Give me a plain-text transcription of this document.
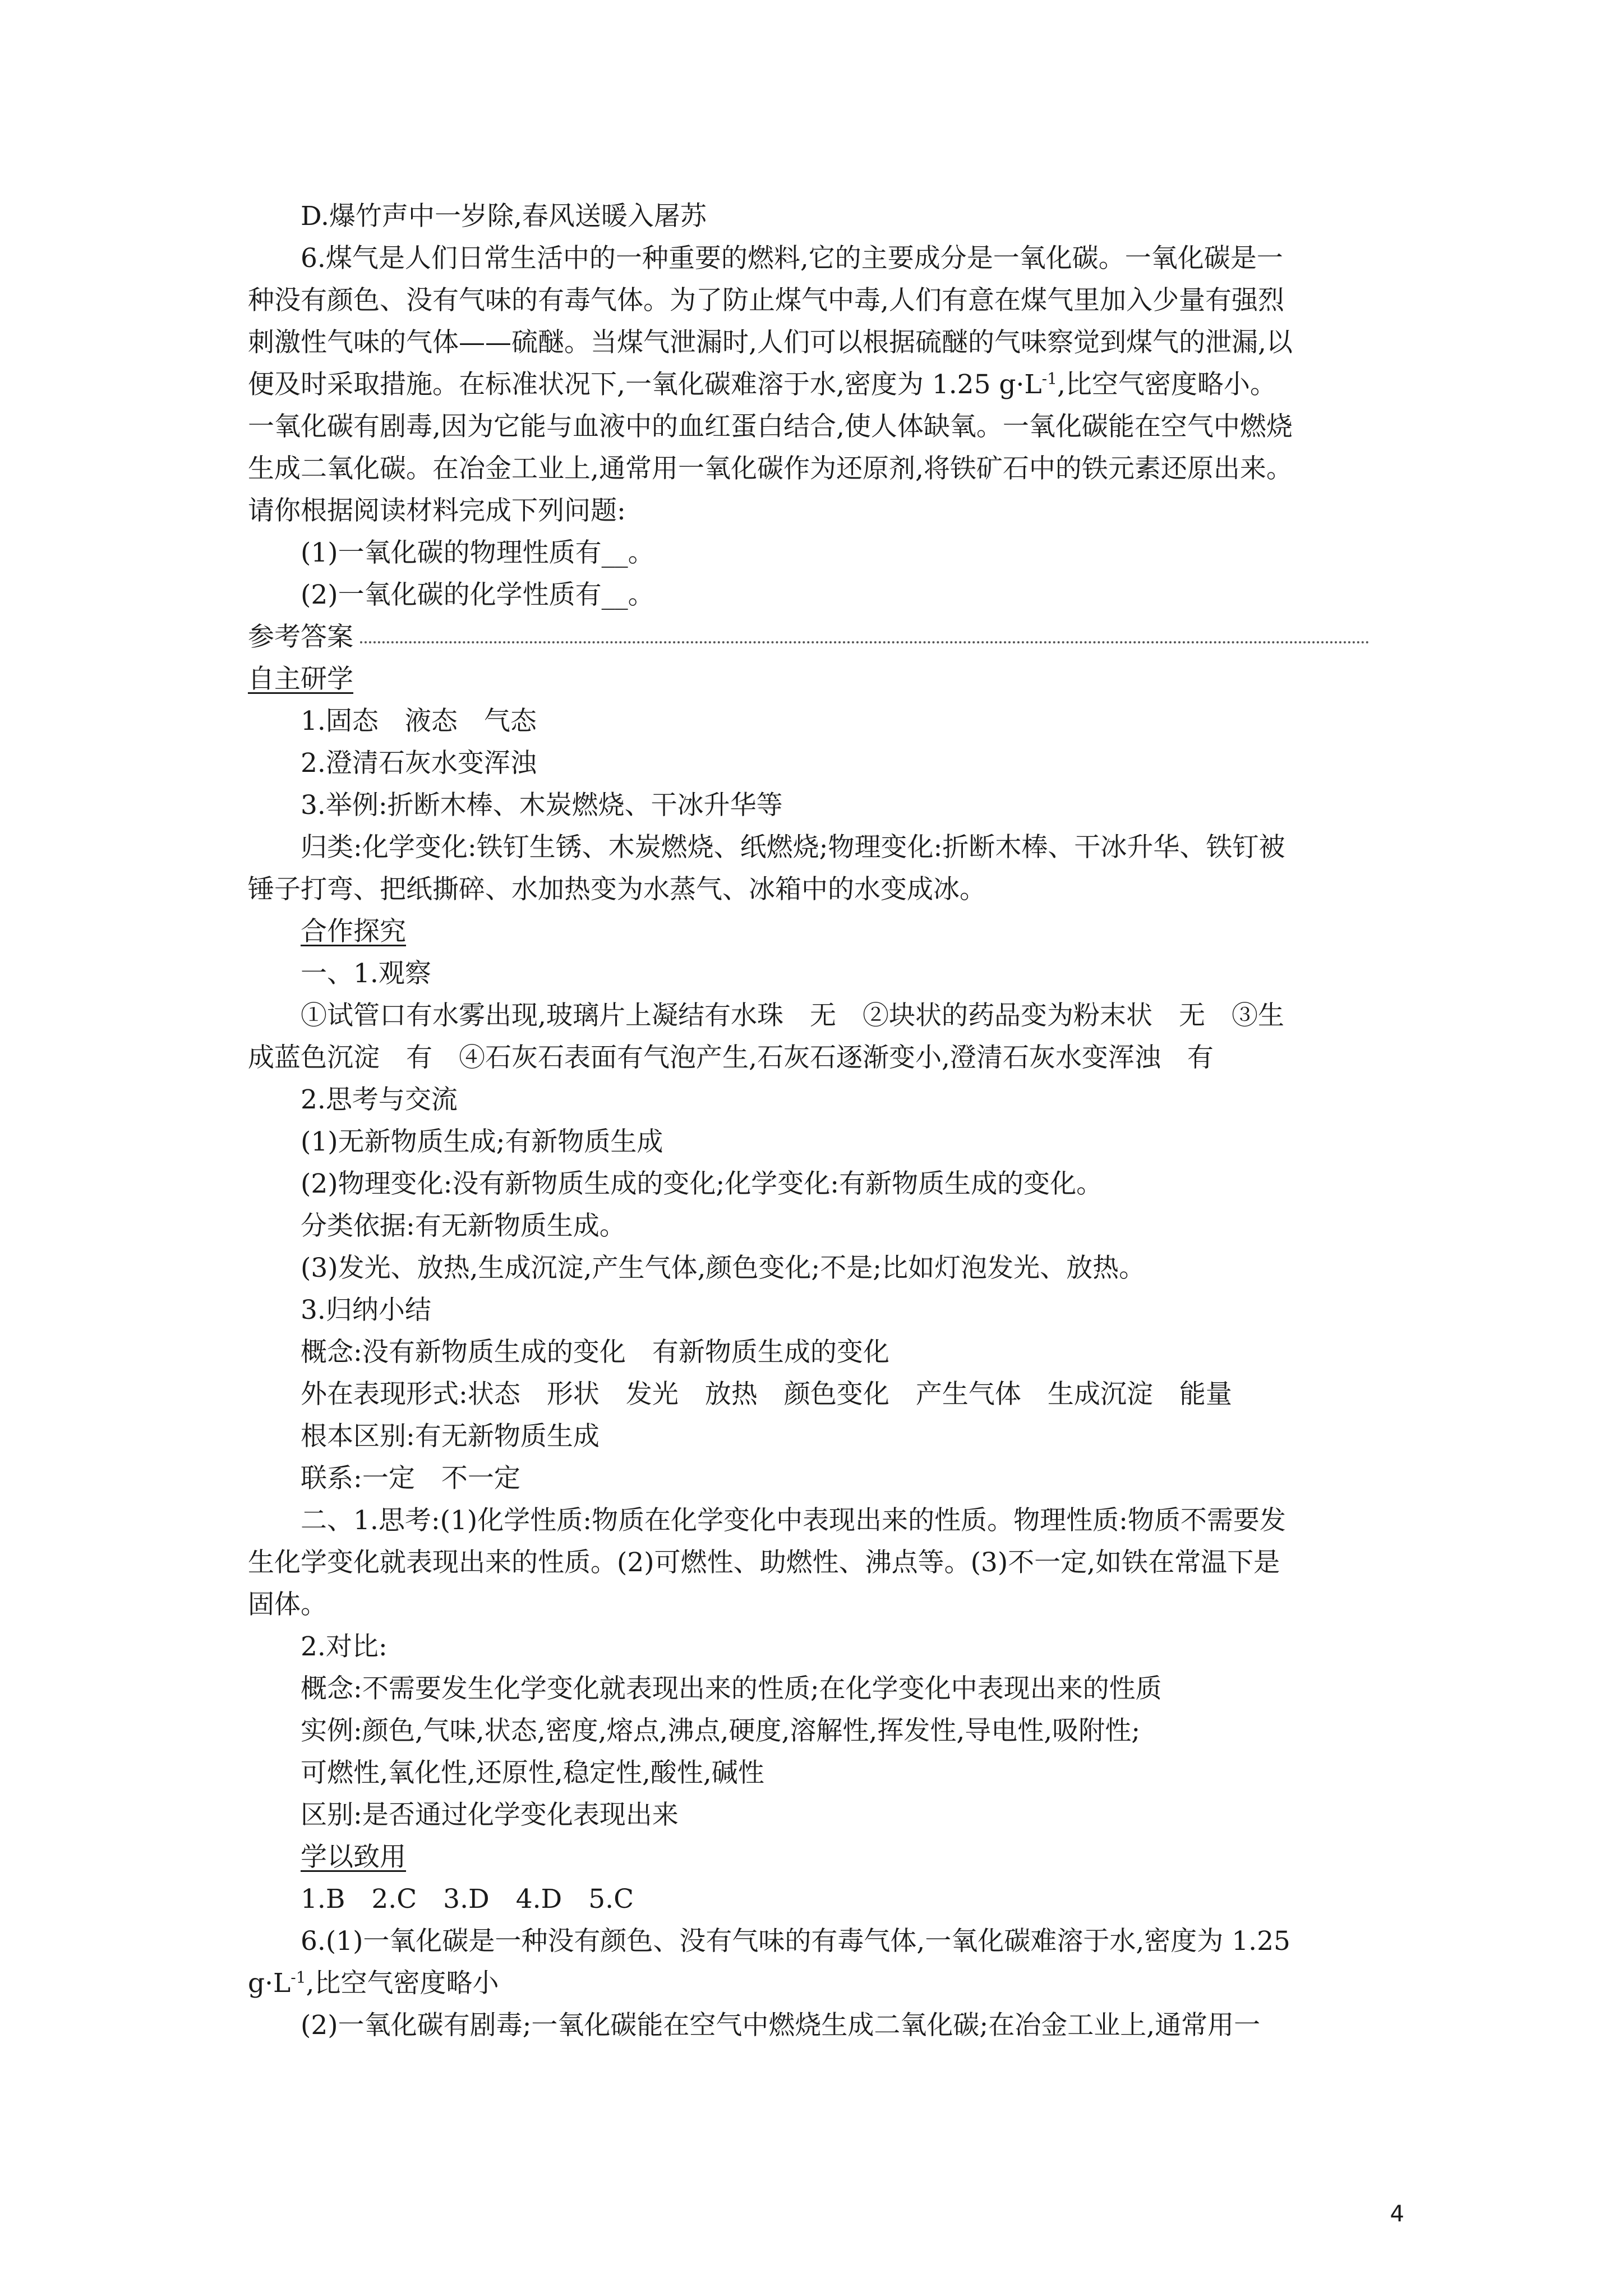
D.爆竹声中一岁除,春风送暖入屠苏
6.煤气是人们日常生活中的一种重要的燃料,它的主要成分是一氧化碳。一氧化碳是一
种没有颜色、没有气味的有毒气体。为了防止煤气中毒,人们有意在煤气里加入少量有强烈
刺激性气味的气体——硫醚。当煤气泄漏时,人们可以根据硫醚的气味察觉到煤气的泄漏,以
便及时采取措施。在标准状况下,一氧化碳难溶于水,密度为 1.25 $g\cdot L^{-1}$,比空气密度略小。
一氧化碳有剧毒,因为它能与血液中的血红蛋白结合,使人体缺氧。一氧化碳能在空气中燃烧
生成二氧化碳。在冶金工业上,通常用一氧化碳作为还原剂,将铁矿石中的铁元素还原出来。
请你根据阅读材料完成下列问题:
(1)一氧化碳的物理性质有__。
(2)一氧化碳的化学性质有__。
参考答案
自主研学
1.固态　液态　气态
2.澄清石灰水变浑浊
3.举例:折断木棒、木炭燃烧、干冰升华等
归类:化学变化:铁钉生锈、木炭燃烧、纸燃烧;物理变化:折断木棒、干冰升华、铁钉被
锤子打弯、把纸撕碎、水加热变为水蒸气、冰箱中的水变成冰。
合作探究
一、1.观察
①试管口有水雾出现,玻璃片上凝结有水珠　无　②块状的药品变为粉末状　无　③生
成蓝色沉淀　有　④石灰石表面有气泡产生,石灰石逐渐变小,澄清石灰水变浑浊　有
2.思考与交流
(1)无新物质生成;有新物质生成
(2)物理变化:没有新物质生成的变化;化学变化:有新物质生成的变化。
分类依据:有无新物质生成。
(3)发光、放热,生成沉淀,产生气体,颜色变化;不是;比如灯泡发光、放热。
3.归纳小结
概念:没有新物质生成的变化　有新物质生成的变化
外在表现形式:状态　形状　发光　放热　颜色变化　产生气体　生成沉淀　能量
根本区别:有无新物质生成
联系:一定　不一定
二、1.思考:(1)化学性质:物质在化学变化中表现出来的性质。物理性质:物质不需要发
生化学变化就表现出来的性质。(2)可燃性、助燃性、沸点等。(3)不一定,如铁在常温下是
固体。
2.对比:
概念:不需要发生化学变化就表现出来的性质;在化学变化中表现出来的性质
实例:颜色,气味,状态,密度,熔点,沸点,硬度,溶解性,挥发性,导电性,吸附性;
可燃性,氧化性,还原性,稳定性,酸性,碱性
区别:是否通过化学变化表现出来
学以致用
1.B　2.C　3.D　4.D　5.C
6.(1)一氧化碳是一种没有颜色、没有气味的有毒气体,一氧化碳难溶于水,密度为 1.25
$g\cdot L^{-1}$,比空气密度略小
(2)一氧化碳有剧毒;一氧化碳能在空气中燃烧生成二氧化碳;在冶金工业上,通常用一
4
